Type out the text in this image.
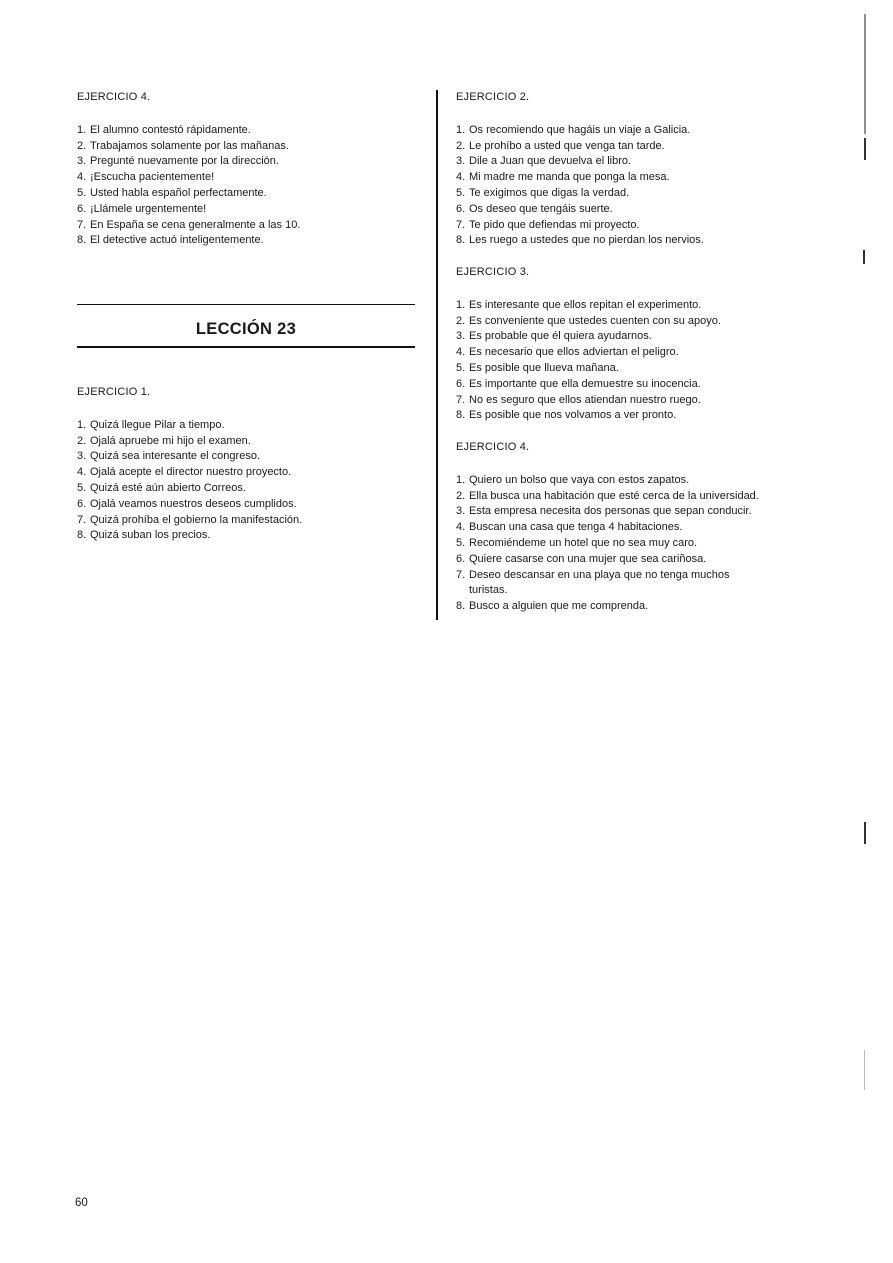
EJERCICIO 4.

1. El alumno contestó rápidamente.
2. Trabajamos solamente por las mañanas.
3. Pregunté nuevamente por la dirección.
4. ¡Escucha pacientemente!
5. Usted habla español perfectamente.
6. ¡Llámele urgentemente!
7. En España se cena generalmente a las 10.
8. El detective actuó inteligentemente.
LECCIÓN 23

EJERCICIO 1.

1. Quizá llegue Pilar a tiempo.
2. Ojalá apruebe mi hijo el examen.
3. Quizá sea interesante el congreso.
4. Ojalá acepte el director nuestro proyecto.
5. Quizá esté aún abierto Correos.
6. Ojalá veamos nuestros deseos cumplidos.
7. Quizá prohíba el gobierno la manifestación.
8. Quizá suban los precios.

EJERCICIO 2.

1. Os recomiendo que hagáis un viaje a Galicia.
2. Le prohíbo a usted que venga tan tarde.
3. Dile a Juan que devuelva el libro.
4. Mi madre me manda que ponga la mesa.
5. Te exigimos que digas la verdad.
6. Os deseo que tengáis suerte.
7. Te pido que defiendas mi proyecto.
8. Les ruego a ustedes que no pierdan los nervios.

EJERCICIO 3.

1. Es interesante que ellos repitan el experimento.
2. Es conveniente que ustedes cuenten con su apoyo.
3. Es probable que él quiera ayudarnos.
4. Es necesario que ellos adviertan el peligro.
5. Es posible que llueva mañana.
6. Es importante que ella demuestre su inocencia.
7. No es seguro que ellos atiendan nuestro ruego.
8. Es posible que nos volvamos a ver pronto.

EJERCICIO 4.

1. Quiero un bolso que vaya con estos zapatos.
2. Ella busca una habitación que esté cerca de la universidad.
3. Esta empresa necesita dos personas que sepan conducir.
4. Buscan una casa que tenga 4 habitaciones.
5. Recomiéndeme un hotel que no sea muy caro.
6. Quiere casarse con una mujer que sea cariñosa.
7. Deseo descansar en una playa que no tenga muchos turistas.
8. Busco a alguien que me comprenda.
60
